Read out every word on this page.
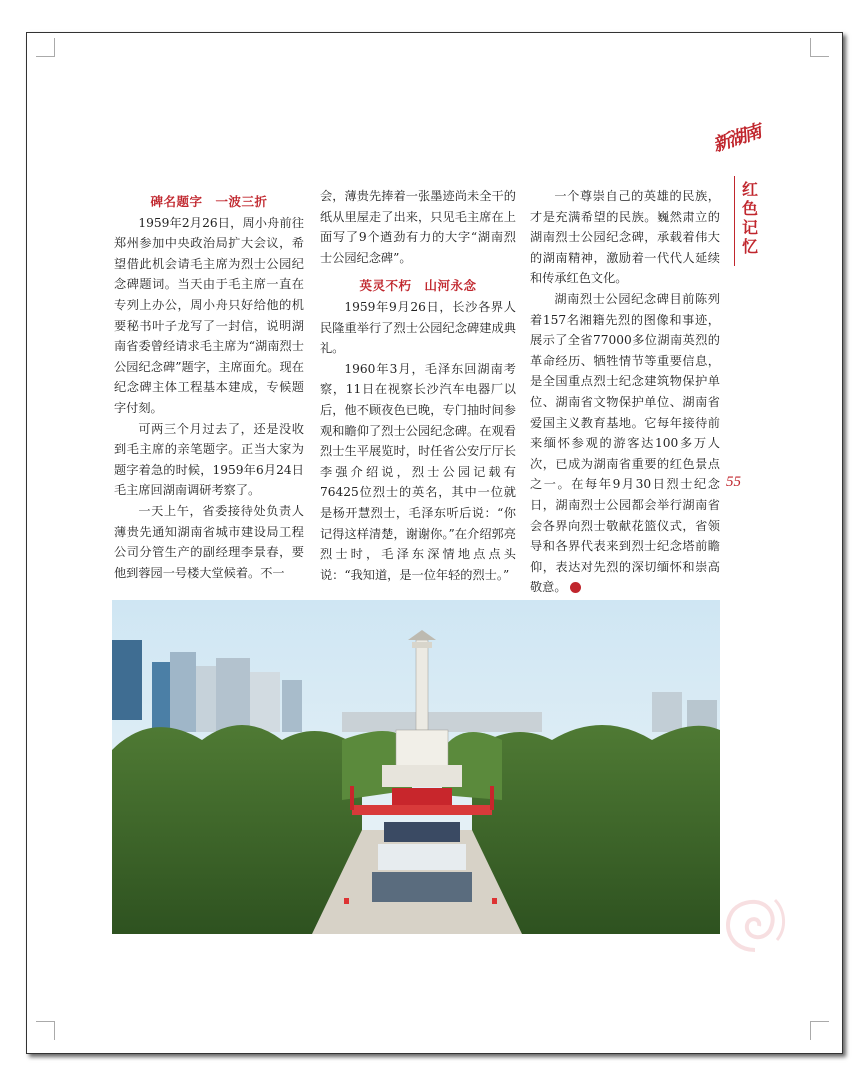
新湖南
红
色
记
忆
55

碑名题字　一波三折

1959年2月26日，周小舟前往郑州参加中央政治局扩大会议，希望借此机会请毛主席为烈士公园纪念碑题词。当天由于毛主席一直在专列上办公，周小舟只好给他的机要秘书叶子龙写了一封信，说明湖南省委曾经请求毛主席为“湖南烈士公园纪念碑”题字，主席面允。现在纪念碑主体工程基本建成，专候题字付刻。

可两三个月过去了，还是没收到毛主席的亲笔题字。正当大家为题字着急的时候，1959年6月24日毛主席回湖南调研考察了。

一天上午，省委接待处负责人薄贵先通知湖南省城市建设局工程公司分管生产的副经理李景春，要他到蓉园一号楼大堂候着。不一

会，薄贵先捧着一张墨迹尚未全干的纸从里屋走了出来，只见毛主席在上面写了9个遒劲有力的大字“湖南烈士公园纪念碑”。

英灵不朽　山河永念

1959年9月26日，长沙各界人民隆重举行了烈士公园纪念碑建成典礼。

1960年3月，毛泽东回湖南考察，11日在视察长沙汽车电器厂以后，他不顾夜色已晚，专门抽时间参观和瞻仰了烈士公园纪念碑。在观看烈士生平展览时，时任省公安厅厅长李强介绍说，烈士公园记载有76425位烈士的英名，其中一位就是杨开慧烈士，毛泽东听后说：“你记得这样清楚，谢谢你。”在介绍郭亮烈士时，毛泽东深情地点点头说：“我知道，是一位年轻的烈士。”

一个尊崇自己的英雄的民族，才是充满希望的民族。巍然肃立的湖南烈士公园纪念碑，承载着伟大的湖南精神，激励着一代代人延续和传承红色文化。

湖南烈士公园纪念碑目前陈列着157名湘籍先烈的图像和事迹，展示了全省77000多位湖南英烈的革命经历、牺牲情节等重要信息，是全国重点烈士纪念建筑物保护单位、湖南省文物保护单位、湖南省爱国主义教育基地。它每年接待前来缅怀参观的游客达100多万人次，已成为湖南省重要的红色景点之一。在每年9月30日烈士纪念日，湖南烈士公园都会举行湖南省会各界向烈士敬献花篮仪式，省领导和各界代表来到烈士纪念塔前瞻仰，表达对先烈的深切缅怀和崇高敬意。	✿
